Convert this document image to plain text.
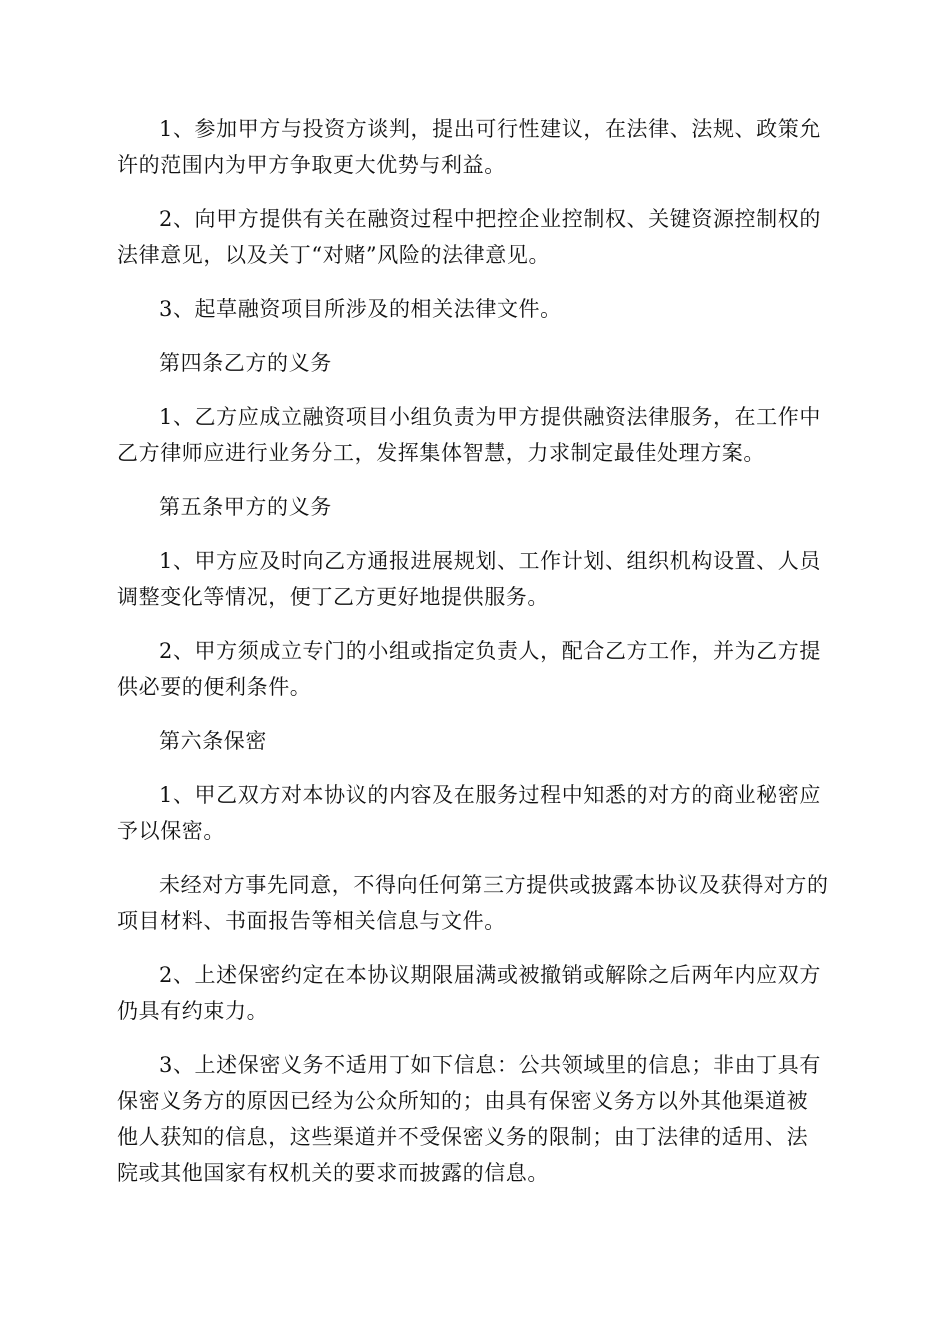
1、参加甲方与投资方谈判，提出可行性建议，在法律、法规、政策允许的范围内为甲方争取更大优势与利益。

2、向甲方提供有关在融资过程中把控企业控制权、关键资源控制权的法律意见，以及关丁“对赌”风险的法律意见。

3、起草融资项目所涉及的相关法律文件。

第四条乙方的义务

1、乙方应成立融资项目小组负责为甲方提供融资法律服务，在工作中乙方律师应进行业务分工，发挥集体智慧，力求制定最佳处理方案。

第五条甲方的义务

1、甲方应及时向乙方通报进展规划、工作计划、组织机构设置、人员调整变化等情况，便丁乙方更好地提供服务。

2、甲方须成立专门的小组或指定负责人，配合乙方工作，并为乙方提供必要的便利条件。

第六条保密

1、甲乙双方对本协议的内容及在服务过程中知悉的对方的商业秘密应予以保密。

未经对方事先同意，不得向任何第三方提供或披露本协议及获得对方的项目材料、书面报告等相关信息与文件。

2、上述保密约定在本协议期限届满或被撤销或解除之后两年内应双方仍具有约束力。

3、上述保密义务不适用丁如下信息：公共领域里的信息；非由丁具有保密义务方的原因已经为公众所知的；由具有保密义务方以外其他渠道被他人获知的信息，这些渠道并不受保密义务的限制；由丁法律的适用、法院或其他国家有权机关的要求而披露的信息。
